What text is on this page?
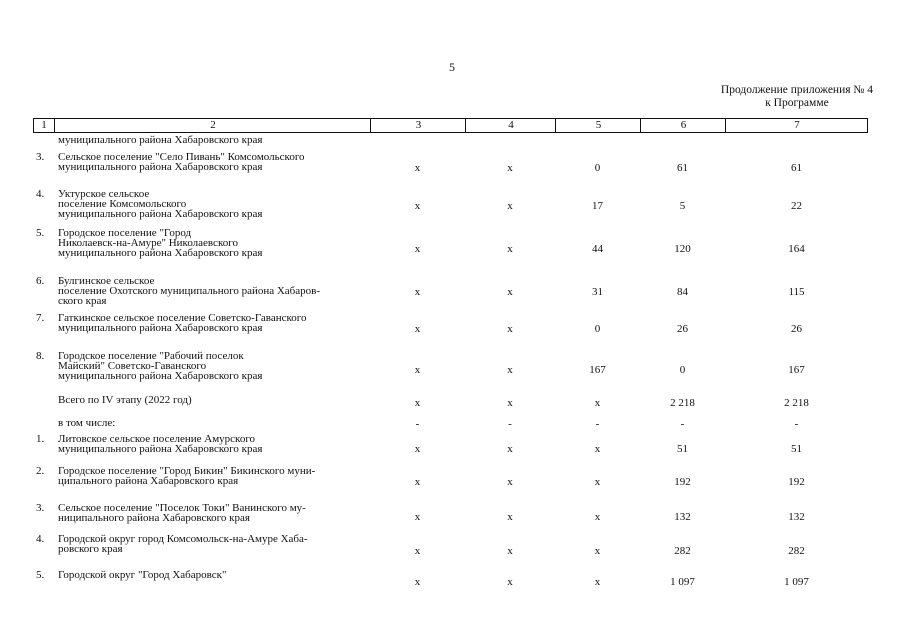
5
Продолжение приложения № 4
к Программе
1	2	3	4	5	6	7
муниципального района Хабаровского края
3. Сельское поселение "Село Пивань" Комсомольского
муниципального района Хабаровского края	x	x	0	61	61
4. Уктурское сельское
поселение Комсомольского
муниципального района Хабаровского края
x	x	17	5	22
5. Городское поселение "Город
Николаевск-на-Амуре" Николаевского
муниципального района Хабаровского края	x	x	44	120	164
6. Булгинское сельское
поселение Охотского муниципального района Хабаров-
ского края
x	x	31	84	115
7. Гаткинское сельское поселение Советско-Гаванского
муниципального района Хабаровского края	x	x	0	26	26
8. Городское поселение "Рабочий поселок
Майский" Советско-Гаванского
муниципального района Хабаровского края	x	x	167	0	167
Всего по IV этапу (2022 год)	x	x	x	2 218	2 218
в том числе:	-	-	-	-	-
1. Литовское сельское поселение Амурского
муниципального района Хабаровского края	x	x	x	51	51
2. Городское поселение "Город Бикин" Бикинского муни-
ципального района Хабаровского края	x	x	x	192	192
3. Сельское поселение "Поселок Токи" Ванинского му-
ниципального района Хабаровского края	x	x	x	132	132
4. Городской округ город Комсомольск-на-Амуре Хаба-
ровского края	x	x	x	282	282
5. Городской округ "Город Хабаровск"
x	x	x	1 097	1 097
